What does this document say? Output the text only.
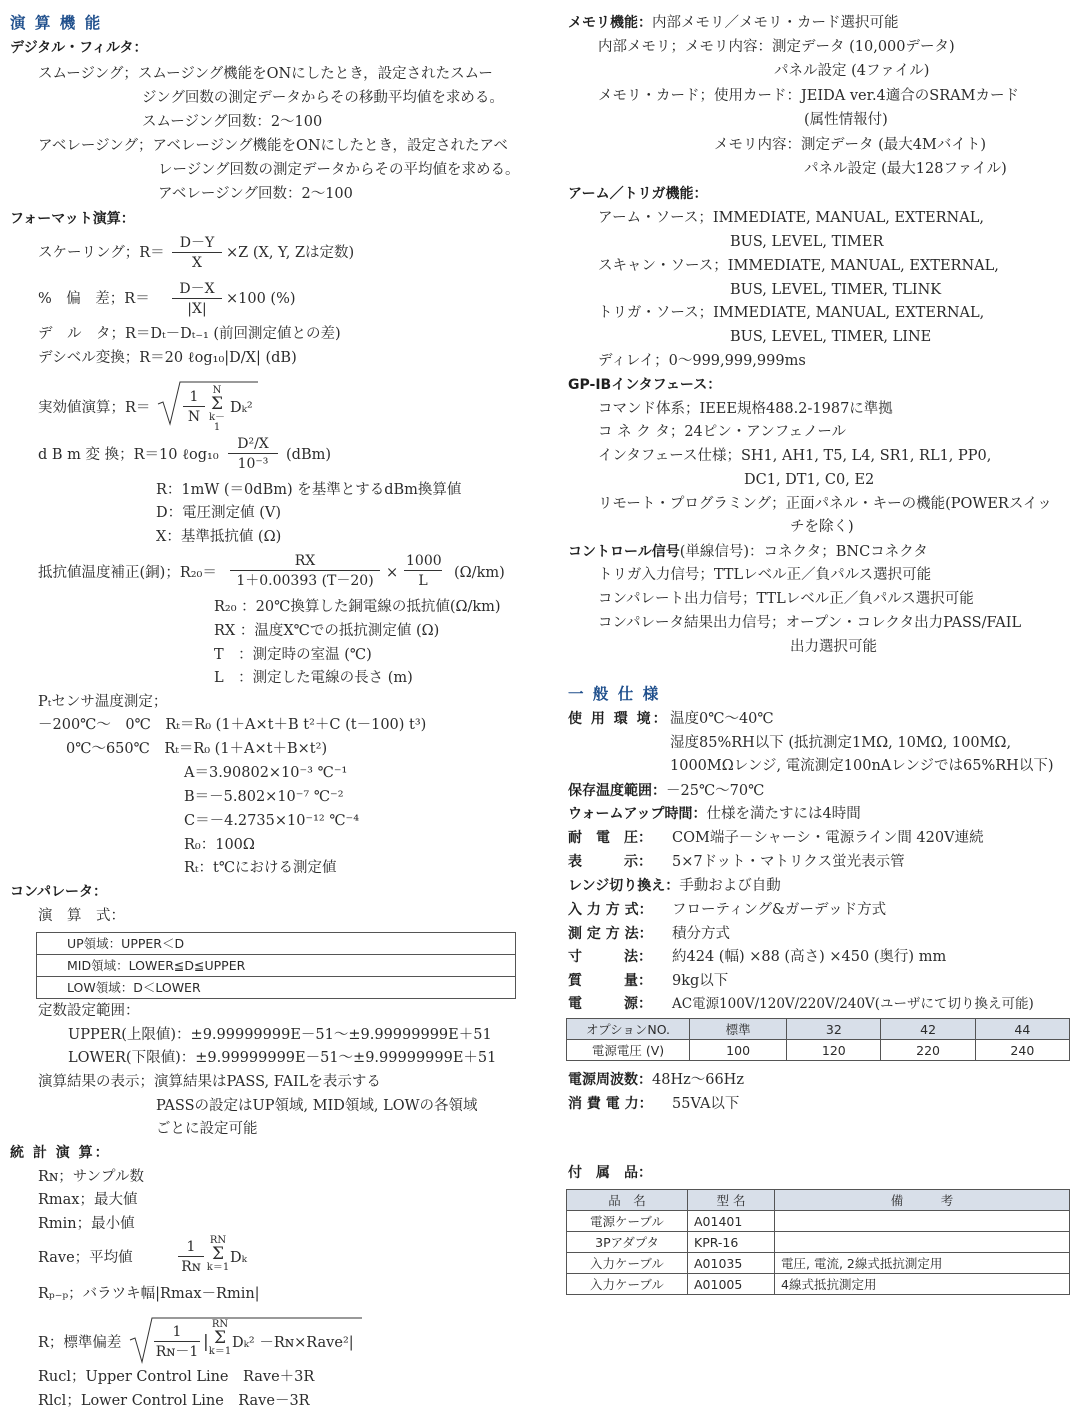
演 算 機 能
デジタル・フィルタ：
スムージング；スムージング機能をONにしたとき，設定されたスムー
ジング回数の測定データからその移動平均値を求める。
スムージング回数：2～100
アベレージング；アベレージング機能をONにしたとき，設定されたアベ
レージング回数の測定データからその平均値を求める。
アベレージング回数：2～100
フォーマット演算：
スケーリング；$R= \frac{D-Y}{X} \times Z$ (X, Y, Zは定数)
%　偏　差；$R= \frac{D-X}{|X|} \times 100$ (%)
デ　ル　タ；R＝Dₜ－Dₜ₋₁ (前回測定値との差)
デシベル変換；R＝20 ℓog₁₀|D/X| (dB)
実効値演算；$R= \frac{1}{N}$ N
Σ
k－1
Dₖ²
d B m 変 換；R＝10 ℓog₁₀ $\frac{\text{D²/X}}{\text{10⁻³}} (dBm)$
R：1mW (＝0dBm) を基準とするdBm換算値
D：電圧測定値 (V)
X：基準抵抗値 (Ω)
抵抗値温度補正(銅)；$R_{20}= \frac{RX}{1+0.00393 (T-20)} \times \frac{1000}{L} (\Omega/km)$
R₂₀ ：20℃換算した銅電線の抵抗値(Ω/km)
RX ：温度X℃での抵抗測定値 (Ω)
T　：測定時の室温 (℃)
L　：測定した電線の長さ (m)
Pₜセンサ温度測定；
－200℃～　0℃　Rₜ＝R₀ (1＋A×t＋B t²＋C (t－100) t³)
0℃～650℃　Rₜ＝R₀ (1＋A×t＋B×t²)
A＝3.90802×10⁻³ ℃⁻¹
B＝－5.802×10⁻⁷ ℃⁻²
C＝－4.2735×10⁻¹² ℃⁻⁴
R₀：100Ω
Rₜ：t℃における測定値
コンパレータ：
演　算　式：
UP領域：UPPER＜D
MID領域：LOWER≦D≦UPPER
LOW領域：D＜LOWER
定数設定範囲：
UPPER(上限値)：±9.99999999E－51～±9.99999999E＋51
LOWER(下限値)：±9.99999999E－51～±9.99999999E＋51
演算結果の表示；演算結果はPASS, FAILを表示する
PASSの設定はUP領域, MID領域, LOWの各領域
ごとに設定可能
統 計 演 算：
Rɴ；サンプル数
Rmax；最大値
Rmin；最小値
Rave；平均値	$\frac{1}{\text{Rɴ}}$ RN
Σ
k＝1
Dₖ
Rₚ₋ₚ；バラツキ幅|Rmax－Rmin|
R；標準偏差 $\frac{1}{\text{Rɴ－1}}$ |
RN
Σ
k＝1
Dₖ² －Rɴ×Rave²|
Rucl；Upper Control Line　Rave＋3R
Rlcl；Lower Control Line　Rave－3R
メモリ機能：内部メモリ／メモリ・カード選択可能
内部メモリ；メモリ内容：測定データ (10,000データ)
パネル設定 (4ファイル)
メモリ・カード；使用カード：JEIDA ver.4適合のSRAMカード
(属性情報付)
メモリ内容：測定データ (最大4Mバイト)
パネル設定 (最大128ファイル)
アーム／トリガ機能：
アーム・ソース；IMMEDIATE, MANUAL, EXTERNAL,
BUS, LEVEL, TIMER
スキャン・ソース；IMMEDIATE, MANUAL, EXTERNAL,
BUS, LEVEL, TIMER, TLINK
トリガ・ソース；IMMEDIATE, MANUAL, EXTERNAL,
BUS, LEVEL, TIMER, LINE
ディレイ；0～999,999,999ms
GP-IBインタフェース：
コマンド体系；IEEE規格488.2-1987に準拠
コ ネ ク タ；24ピン・アンフェノール
インタフェース仕様；SH1, AH1, T5, L4, SR1, RL1, PP0,
DC1, DT1, C0, E2
リモート・プログラミング；正面パネル・キーの機能(POWERスイッ
チを除く)
コントロール信号(単線信号)：コネクタ；BNCコネクタ
トリガ入力信号；TTLレベル正／負パルス選択可能
コンパレート出力信号；TTLレベル正／負パルス選択可能
コンパレータ結果出力信号；オープン・コレクタ出力PASS/FAIL
出力選択可能
一 般 仕 様
使 用 環 境： 温度0℃～40℃
湿度85%RH以下 (抵抗測定1MΩ, 10MΩ, 100MΩ,
1000MΩレンジ, 電流測定100nAレンジでは65%RH以下)
保存温度範囲：－25℃～70℃
ウォームアップ時間：仕様を満たすには4時間
耐　電　圧： COM端子－シャーシ・電源ライン間 420V連続
表　　　示： 5×7ドット・マトリクス蛍光表示管
レンジ切り換え：手動および自動
入 力 方 式： フローティング&ガーデッド方式
測 定 方 法： 積分方式
寸　　　法： 約424 (幅) ×88 (高さ) ×450 (奥行) mm
質　　　量： 9kg以下
電　　　源： AC電源100V/120V/220V/240V(ユーザにて切り換え可能)
オプションNO.	標準	32	42	44
電源電圧 (V)	100	120	220	240
電源周波数：48Hz～66Hz
消 費 電 力： 55VA以下
付　属　品：
品　名	型 名	備　　　考
電源ケーブル	A01401	
3Pアダプタ	KPR-16	
入力ケーブル	A01035	電圧, 電流, 2線式抵抗測定用
入力ケーブル	A01005	4線式抵抗測定用
